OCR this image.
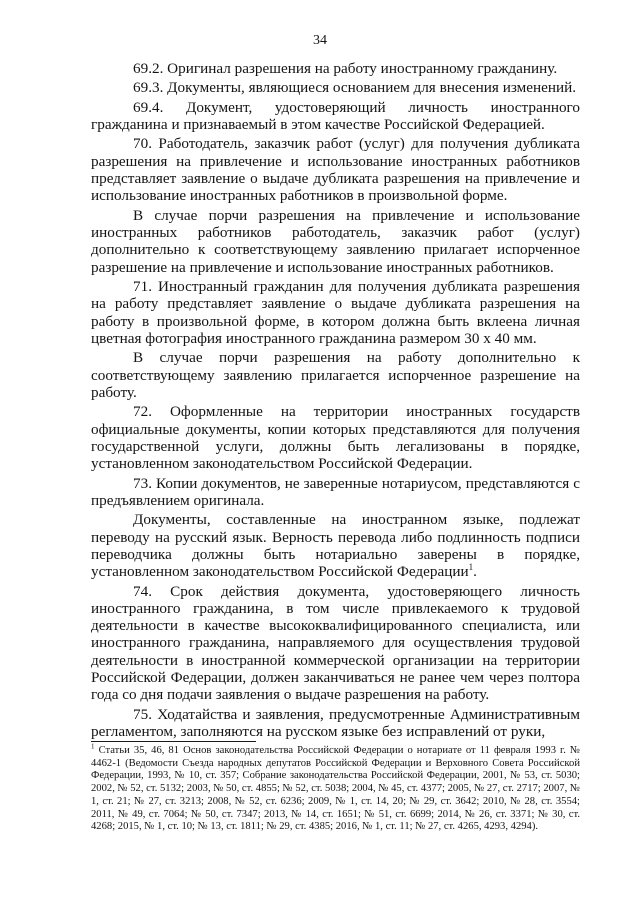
34

69.2. Оригинал разрешения на работу иностранному гражданину.

69.3. Документы, являющиеся основанием для внесения изменений.

69.4. Документ, удостоверяющий личность иностранного гражданина и признаваемый в этом качестве Российской Федерацией.

70. Работодатель, заказчик работ (услуг) для получения дубликата разрешения на привлечение и использование иностранных работников представляет заявление о выдаче дубликата разрешения на привлечение и использование иностранных работников в произвольной форме.

В случае порчи разрешения на привлечение и использование иностранных работников работодатель, заказчик работ (услуг) дополнительно к соответствующему заявлению прилагает испорченное разрешение на привлечение и использование иностранных работников.

71. Иностранный гражданин для получения дубликата разрешения на работу представляет заявление о выдаче дубликата разрешения на работу в произвольной форме, в котором должна быть вклеена личная цветная фотография иностранного гражданина размером 30 х 40 мм.

В случае порчи разрешения на работу дополнительно к соответствующему заявлению прилагается испорченное разрешение на работу.

72. Оформленные на территории иностранных государств официальные документы, копии которых представляются для получения государственной услуги, должны быть легализованы в порядке, установленном законодательством Российской Федерации.

73. Копии документов, не заверенные нотариусом, представляются с предъявлением оригинала.

Документы, составленные на иностранном языке, подлежат переводу на русский язык. Верность перевода либо подлинность подписи переводчика должны быть нотариально заверены в порядке, установленном законодательством Российской Федерации$^1$.

74. Срок действия документа, удостоверяющего личность иностранного гражданина, в том числе привлекаемого к трудовой деятельности в качестве высококвалифицированного специалиста, или иностранного гражданина, направляемого для осуществления трудовой деятельности в иностранной коммерческой организации на территории Российской Федерации, должен заканчиваться не ранее чем через полтора года со дня подачи заявления о выдаче разрешения на работу.

75. Ходатайства и заявления, предусмотренные Административным регламентом, заполняются на русском языке без исправлений от руки,

$^1$ Статьи 35, 46, 81 Основ законодательства Российской Федерации о нотариате от 11 февраля 1993 г. № 4462-1 (Ведомости Съезда народных депутатов Российской Федерации и Верховного Совета Российской Федерации, 1993, № 10, ст. 357; Собрание законодательства Российской Федерации, 2001, № 53, ст. 5030; 2002, № 52, ст. 5132; 2003, № 50, ст. 4855; № 52, ст. 5038; 2004, № 45, ст. 4377; 2005, № 27, ст. 2717; 2007, № 1, ст. 21; № 27, ст. 3213; 2008, № 52, ст. 6236; 2009, № 1, ст. 14, 20; № 29, ст. 3642; 2010, № 28, ст. 3554; 2011, № 49, ст. 7064; № 50, ст. 7347; 2013, № 14, ст. 1651; № 51, ст. 6699; 2014, № 26, ст. 3371; № 30, ст. 4268; 2015, № 1, ст. 10; № 13, ст. 1811; № 29, ст. 4385; 2016, № 1, ст. 11; № 27, ст. 4265, 4293, 4294).
